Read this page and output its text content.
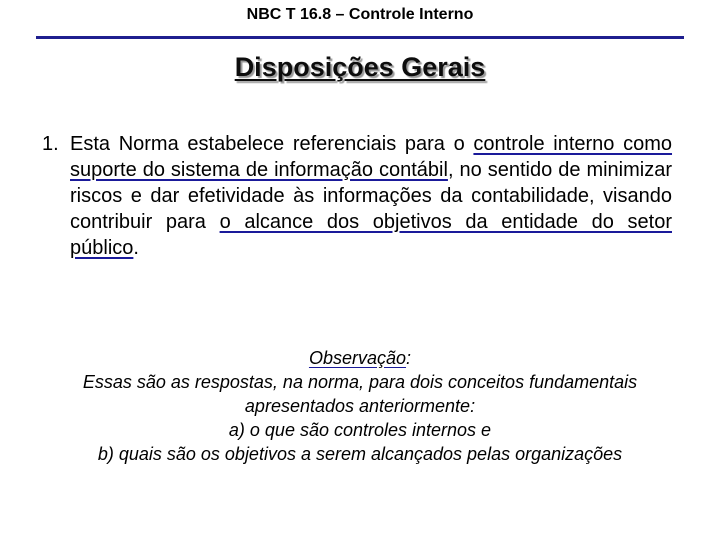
NBC T 16.8 – Controle Interno
Disposições Gerais
1. Esta Norma estabelece referenciais para o controle interno como suporte do sistema de informação contábil, no sentido de minimizar riscos e dar efetividade às informações da contabilidade, visando contribuir para o alcance dos objetivos da entidade do setor público.

Observação:

Essas são as respostas, na norma, para dois conceitos fundamentais apresentados anteriormente:

a) o que são controles internos e

b) quais são os objetivos a serem alcançados pelas organizações
